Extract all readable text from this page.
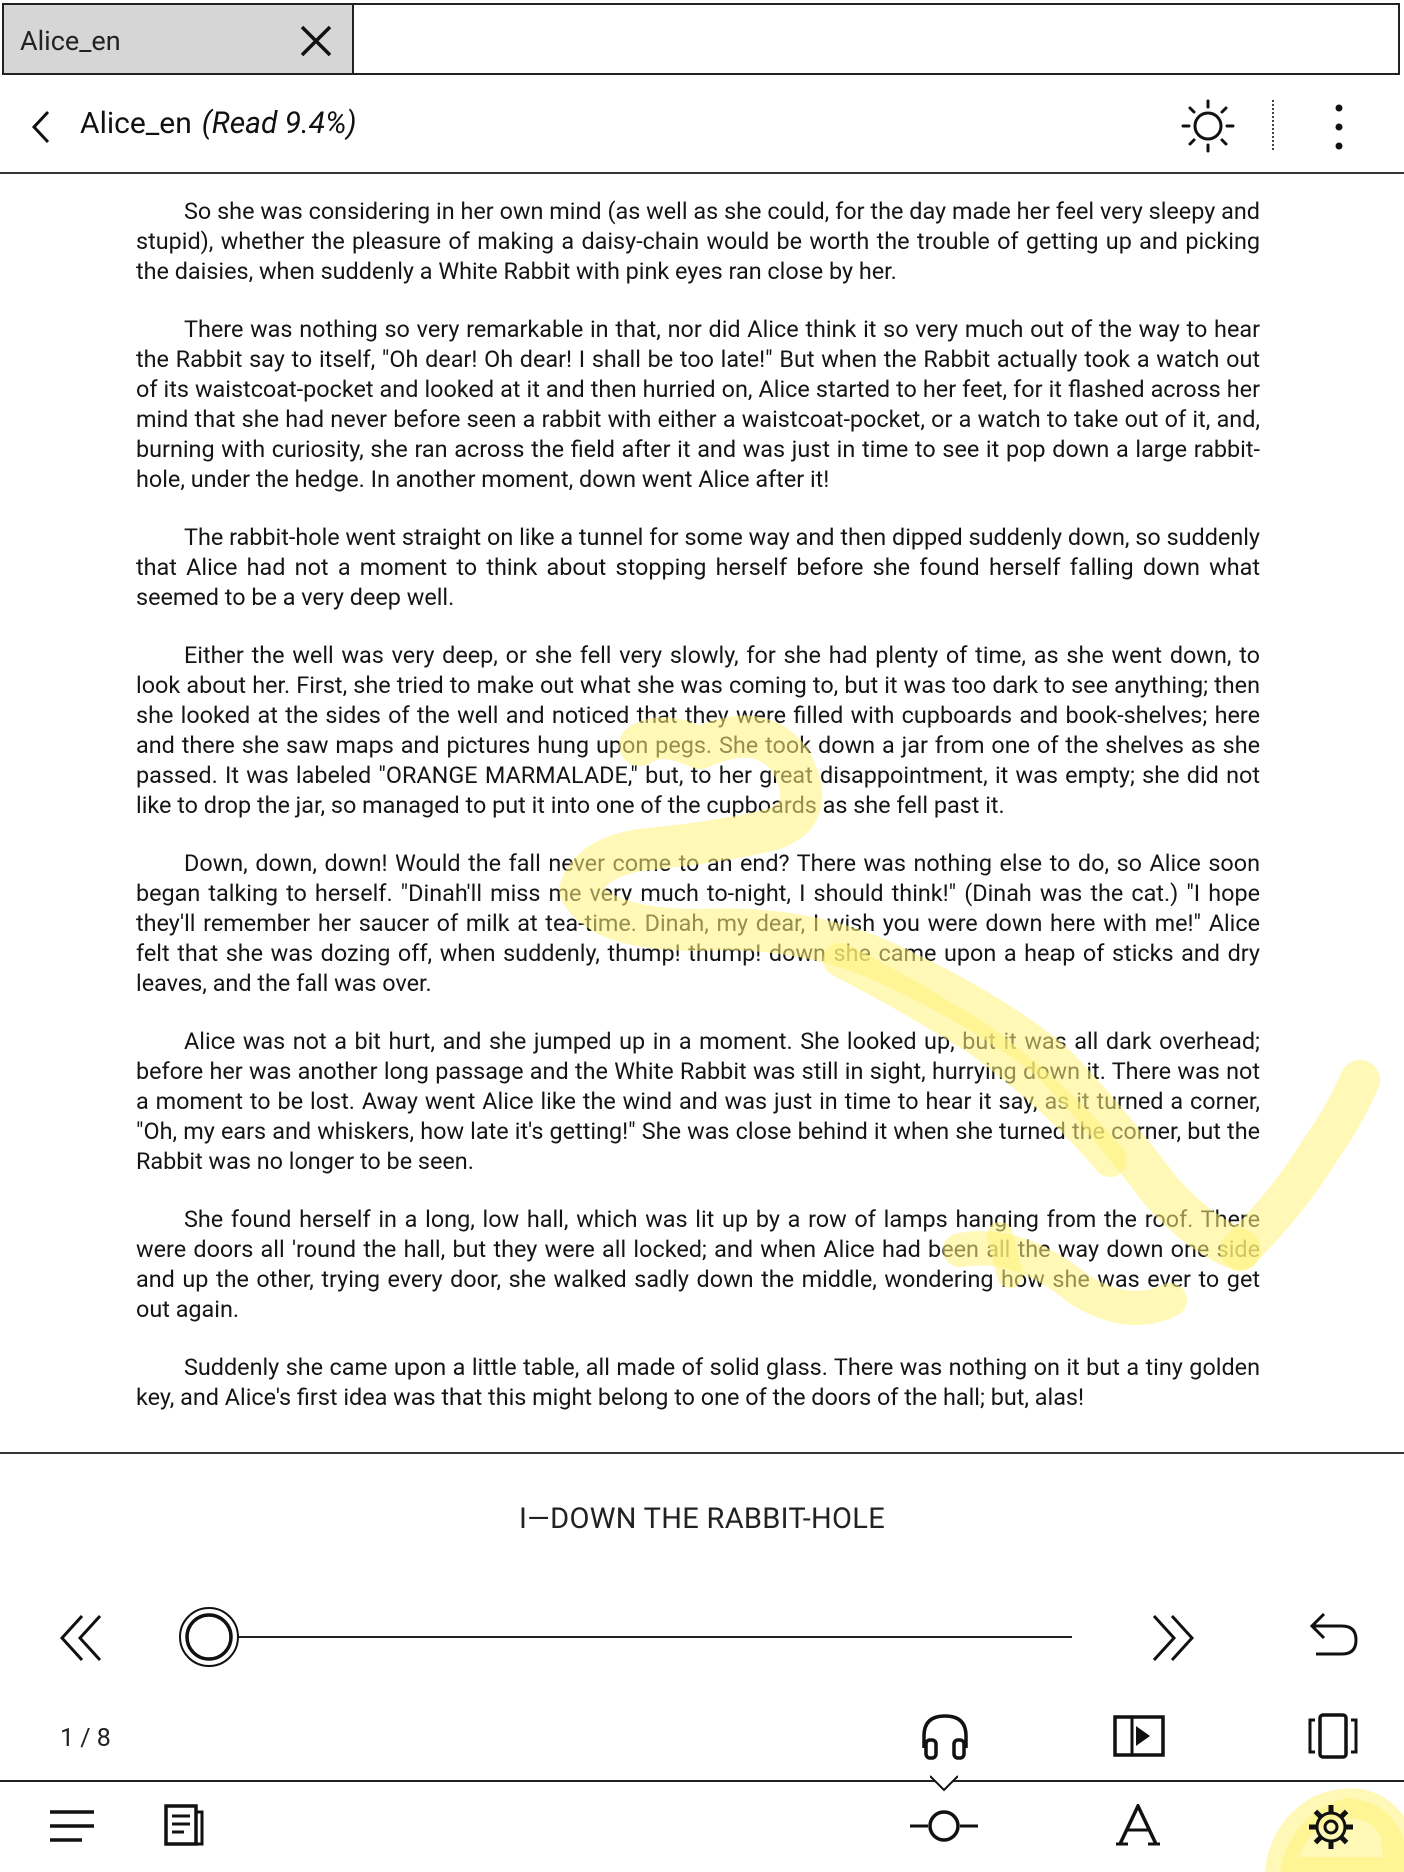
Alice_en
Alice_en (Read 9.4%)

So she was considering in her own mind (as well as she could, for the day made her feel very sleepy and stupid), whether the pleasure of making a daisy-chain would be worth the trouble of getting up and picking the daisies, when suddenly a White Rabbit with pink eyes ran close by her.

There was nothing so very remarkable in that, nor did Alice think it so very much out of the way to hear the Rabbit say to itself, "Oh dear! Oh dear! I shall be too late!" But when the Rabbit actually took a watch out of its waistcoat-pocket and looked at it and then hurried on, Alice started to her feet, for it flashed across her mind that she had never before seen a rabbit with either a waistcoat-pocket, or a watch to take out of it, and, burning with curiosity, she ran across the field after it and was just in time to see it pop down a large rabbit-hole, under the hedge. In another moment, down went Alice after it!

The rabbit-hole went straight on like a tunnel for some way and then dipped suddenly down, so suddenly that Alice had not a moment to think about stopping herself before she found herself falling down what seemed to be a very deep well.

Either the well was very deep, or she fell very slowly, for she had plenty of time, as she went down, to look about her. First, she tried to make out what she was coming to, but it was too dark to see anything; then she looked at the sides of the well and noticed that they were filled with cupboards and book-shelves; here and there she saw maps and pictures hung upon pegs. She took down a jar from one of the shelves as she passed. It was labeled "ORANGE MARMALADE," but, to her great disappointment, it was empty; she did not like to drop the jar, so managed to put it into one of the cupboards as she fell past it.

Down, down, down! Would the fall never come to an end? There was nothing else to do, so Alice soon began talking to herself. "Dinah'll miss me very much to-night, I should think!" (Dinah was the cat.) "I hope they'll remember her saucer of milk at tea-time. Dinah, my dear, I wish you were down here with me!" Alice felt that she was dozing off, when suddenly, thump! thump! down she came upon a heap of sticks and dry leaves, and the fall was over.

Alice was not a bit hurt, and she jumped up in a moment. She looked up, but it was all dark overhead; before her was another long passage and the White Rabbit was still in sight, hurrying down it. There was not a moment to be lost. Away went Alice like the wind and was just in time to hear it say, as it turned a corner, "Oh, my ears and whiskers, how late it's getting!" She was close behind it when she turned the corner, but the Rabbit was no longer to be seen.

She found herself in a long, low hall, which was lit up by a row of lamps hanging from the roof. There were doors all 'round the hall, but they were all locked; and when Alice had been all the way down one side and up the other, trying every door, she walked sadly down the middle, wondering how she was ever to get out again.

Suddenly she came upon a little table, all made of solid glass. There was nothing on it but a tiny golden key, and Alice's first idea was that this might belong to one of the doors of the hall; but, alas!

I—DOWN THE RABBIT-HOLE
1 / 8
